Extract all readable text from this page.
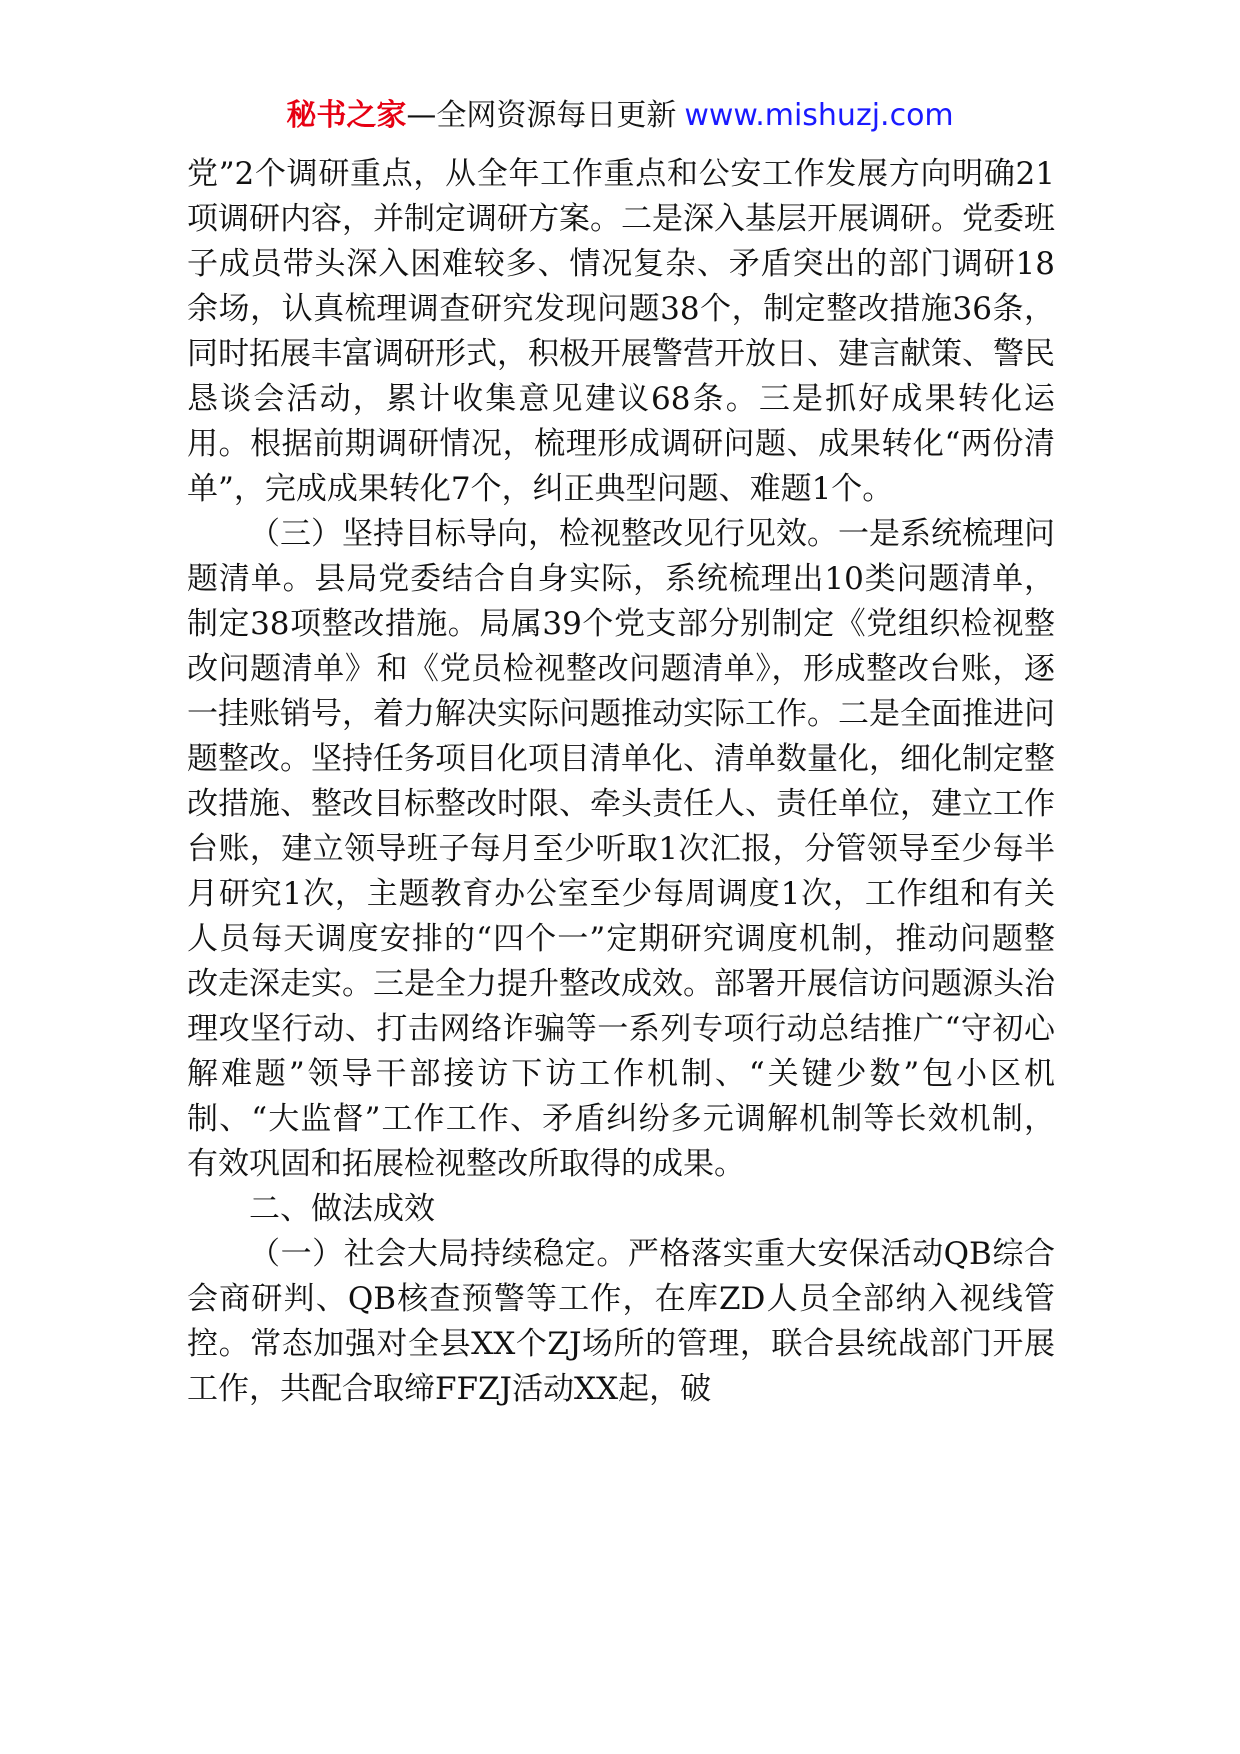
秘书之家—全网资源每日更新 www.mishuzj.com

党”2个调研重点，从全年工作重点和公安工作发展方向明确21项调研内容，并制定调研方案。二是深入基层开展调研。党委班子成员带头深入困难较多、情况复杂、矛盾突出的部门调研18余场，认真梳理调查研究发现问题38个，制定整改措施36条，同时拓展丰富调研形式，积极开展警营开放日、建言献策、警民恳谈会活动，累计收集意见建议68条。三是抓好成果转化运用。根据前期调研情况，梳理形成调研问题、成果转化“两份清单”，完成成果转化7个，纠正典型问题、难题1个。

（三）坚持目标导向，检视整改见行见效。一是系统梳理问题清单。县局党委结合自身实际，系统梳理出10类问题清单，制定38项整改措施。局属39个党支部分别制定《党组织检视整改问题清单》和《党员检视整改问题清单》，形成整改台账，逐一挂账销号，着力解决实际问题推动实际工作。二是全面推进问题整改。坚持任务项目化项目清单化、清单数量化，细化制定整改措施、整改目标整改时限、牵头责任人、责任单位，建立工作台账，建立领导班子每月至少听取1次汇报，分管领导至少每半月研究1次，主题教育办公室至少每周调度1次，工作组和有关人员每天调度安排的“四个一”定期研究调度机制，推动问题整改走深走实。三是全力提升整改成效。部署开展信访问题源头治理攻坚行动、打击网络诈骗等一系列专项行动总结推广“守初心解难题”领导干部接访下访工作机制、“关键少数”包小区机制、“大监督”工作工作、矛盾纠纷多元调解机制等长效机制，有效巩固和拓展检视整改所取得的成果。

二、做法成效

（一）社会大局持续稳定。严格落实重大安保活动QB综合会商研判、QB核查预警等工作，在库ZD人员全部纳入视线管控。常态加强对全县XX个ZJ场所的管理，联合县统战部门开展工作，共配合取缔FFZJ活动XX起，破
